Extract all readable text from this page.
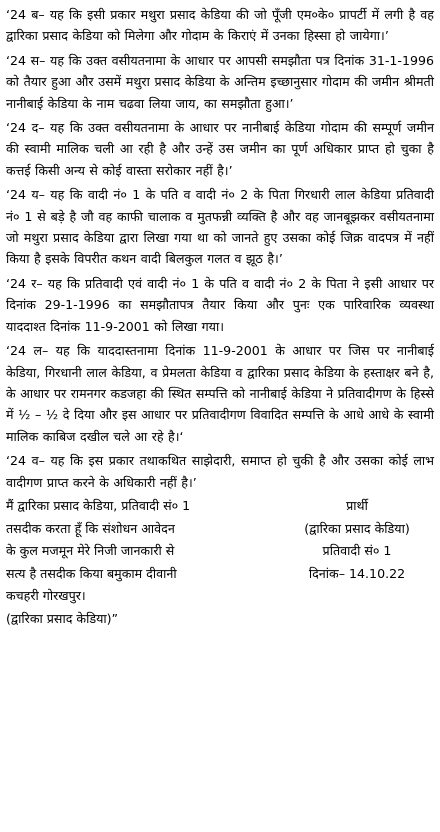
‘24 ब– यह कि इसी प्रकार मथुरा प्रसाद केडिया की जो पूँजी एम०के० प्रापर्टी में लगी है वह द्वारिका प्रसाद केडिया को मिलेगा और गोदाम के किराएं में उनका हिस्सा हो जायेगा।’

‘24 स– यह कि उक्त वसीयतनामा के आधार पर आपसी समझौता पत्र दिनांक 31-1-1996 को तैयार हुआ और उसमें मथुरा प्रसाद केडिया के अन्तिम इच्छानुसार गोदाम की जमीन श्रीमती नानीबाई केडिया के नाम चढवा लिया जाय, का समझौता हुआ।’

‘24 द– यह कि उक्त वसीयतनामा के आधार पर नानीबाई केडिया गोदाम की सम्पूर्ण जमीन की स्वामी मालिक चली आ रही है और उन्हें उस जमीन का पूर्ण अधिकार प्राप्त हो चुका है कत्तई किसी अन्य से कोई वास्ता सरोकार नहीं है।’

‘24 य– यह कि वादी नं० 1 के पति व वादी नं० 2 के पिता गिरधारी लाल केडिया प्रतिवादी नं० 1 से बड़े है जौ वह काफी चालाक व मुतफन्नी व्यक्ति है और वह जानबूझकर वसीयतनामा जो मथुरा प्रसाद केडिया द्वारा लिखा गया था को जानते हुए उसका कोई जिक्र वादपत्र में नहीं किया है इसके विपरीत कथन वादी बिलकुल गलत व झूठ है।’

‘24 र– यह कि प्रतिवादी एवं वादी नं० 1 के पति व वादी नं० 2 के पिता ने इसी आधार पर दिनांक 29-1-1996 का समझौतापत्र तैयार किया और पुनः एक पारिवारिक व्यवस्था याददाश्त दिनांक 11-9-2001 को लिखा गया।

‘24 ल– यह कि याददास्तनामा दिनांक 11-9-2001 के आधार पर जिस पर नानीबाई केडिया, गिरधानी लाल केडिया, व प्रेमलता केडिया व द्वारिका प्रसाद केडिया के हस्ताक्षर बने है, के आधार पर रामनगर कडजहा की स्थित सम्पत्ति को नानीबाई केडिया ने प्रतिवादीगण के हिस्से में ½ – ½ दे दिया और इस आधार पर प्रतिवादीगण विवादित सम्पत्ति के आधे आधे के स्वामी मालिक काबिज दखील चले आ रहे है।‘

‘24 व– यह कि इस प्रकार तथाकथित साझेदारी, समाप्त हो चुकी है और उसका कोई लाभ वादीगण प्राप्त करने के अधिकारी नहीं है।’

मैं द्वारिका प्रसाद केडिया, प्रतिवादी सं० 1
तसदीक करता हूँ कि संशोधन आवेदन
के कुल मजमून मेरे निजी जानकारी से
सत्य है तसदीक किया बमुकाम दीवानी
कचहरी गोरखपुर।
(द्वारिका प्रसाद केडिया)”
प्रार्थी
(द्वारिका प्रसाद केडिया)
प्रतिवादी सं० 1
दिनांक– 14.10.22
